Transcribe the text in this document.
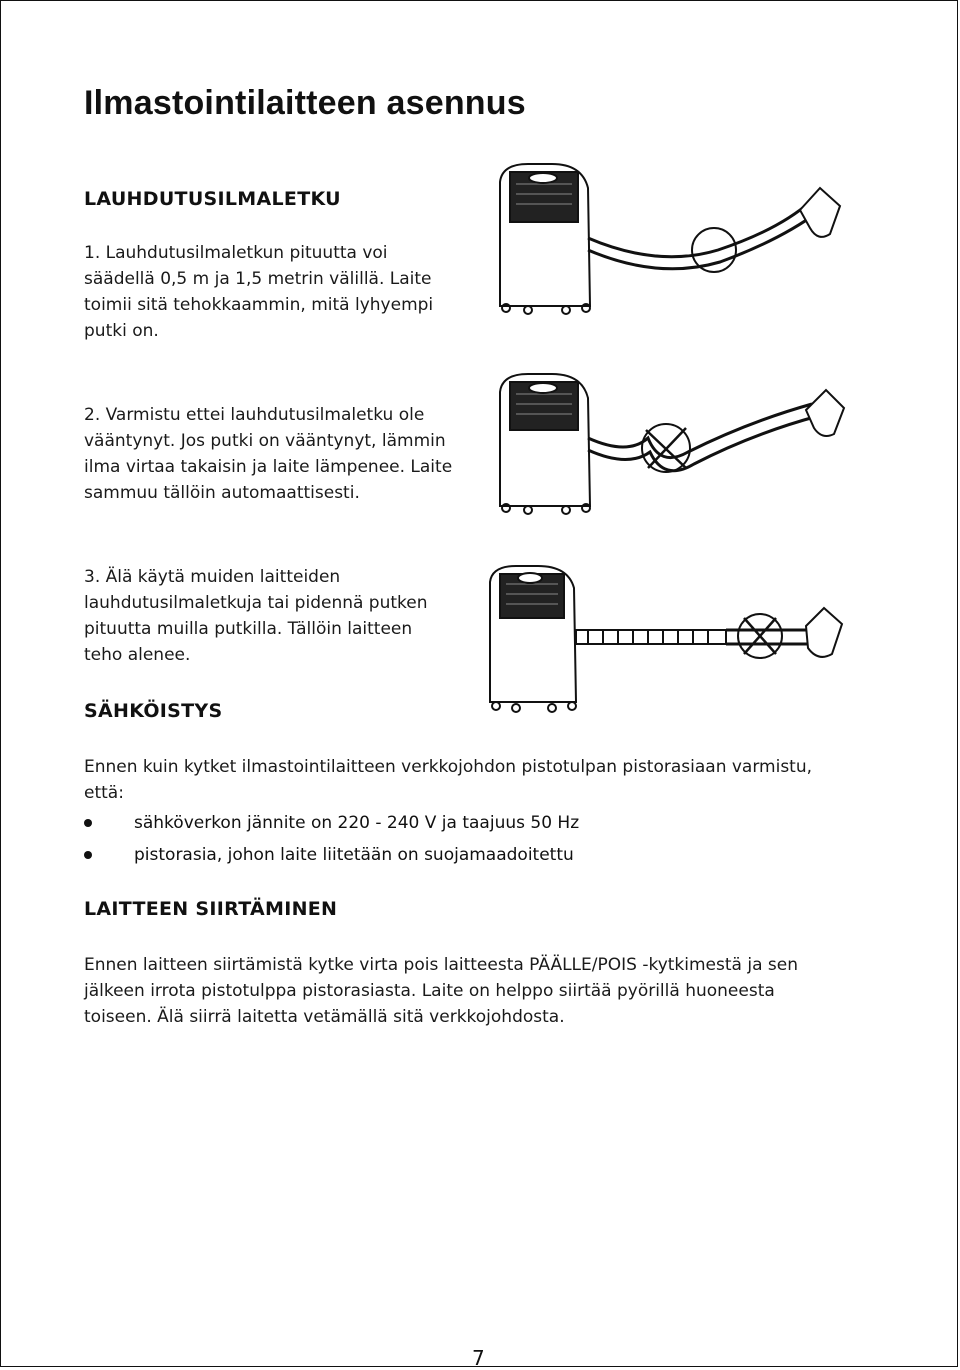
Ilmastointilaitteen asennus
LAUHDUTUSILMALETKU
1. Lauhdutusilmaletkun pituutta voi
säädellä 0,5 m ja 1,5 metrin välillä. Laite
toimii sitä tehokkaammin, mitä lyhyempi
putki on.
2. Varmistu ettei lauhdutusilmaletku ole
vääntynyt. Jos putki on vääntynyt, lämmin
ilma virtaa takaisin ja laite lämpenee. Laite
sammuu tällöin automaattisesti.
3. Älä käytä muiden laitteiden
lauhdutusilmaletkuja tai pidennä putken
pituutta muilla putkilla. Tällöin laitteen
teho alenee.
SÄHKÖISTYS
Ennen kuin kytket ilmastointilaitteen verkkojohdon pistotulpan pistorasiaan varmistu,
että:
sähköverkon jännite on 220 - 240 V ja taajuus 50 Hz
pistorasia, johon laite liitetään on suojamaadoitettu
LAITTEEN SIIRTÄMINEN
Ennen laitteen siirtämistä kytke virta pois laitteesta PÄÄLLE/POIS -kytkimestä ja sen
jälkeen irrota pistotulppa pistorasiasta. Laite on helppo siirtää pyörillä huoneesta
toiseen. Älä siirrä laitetta vetämällä sitä verkkojohdosta.
7
